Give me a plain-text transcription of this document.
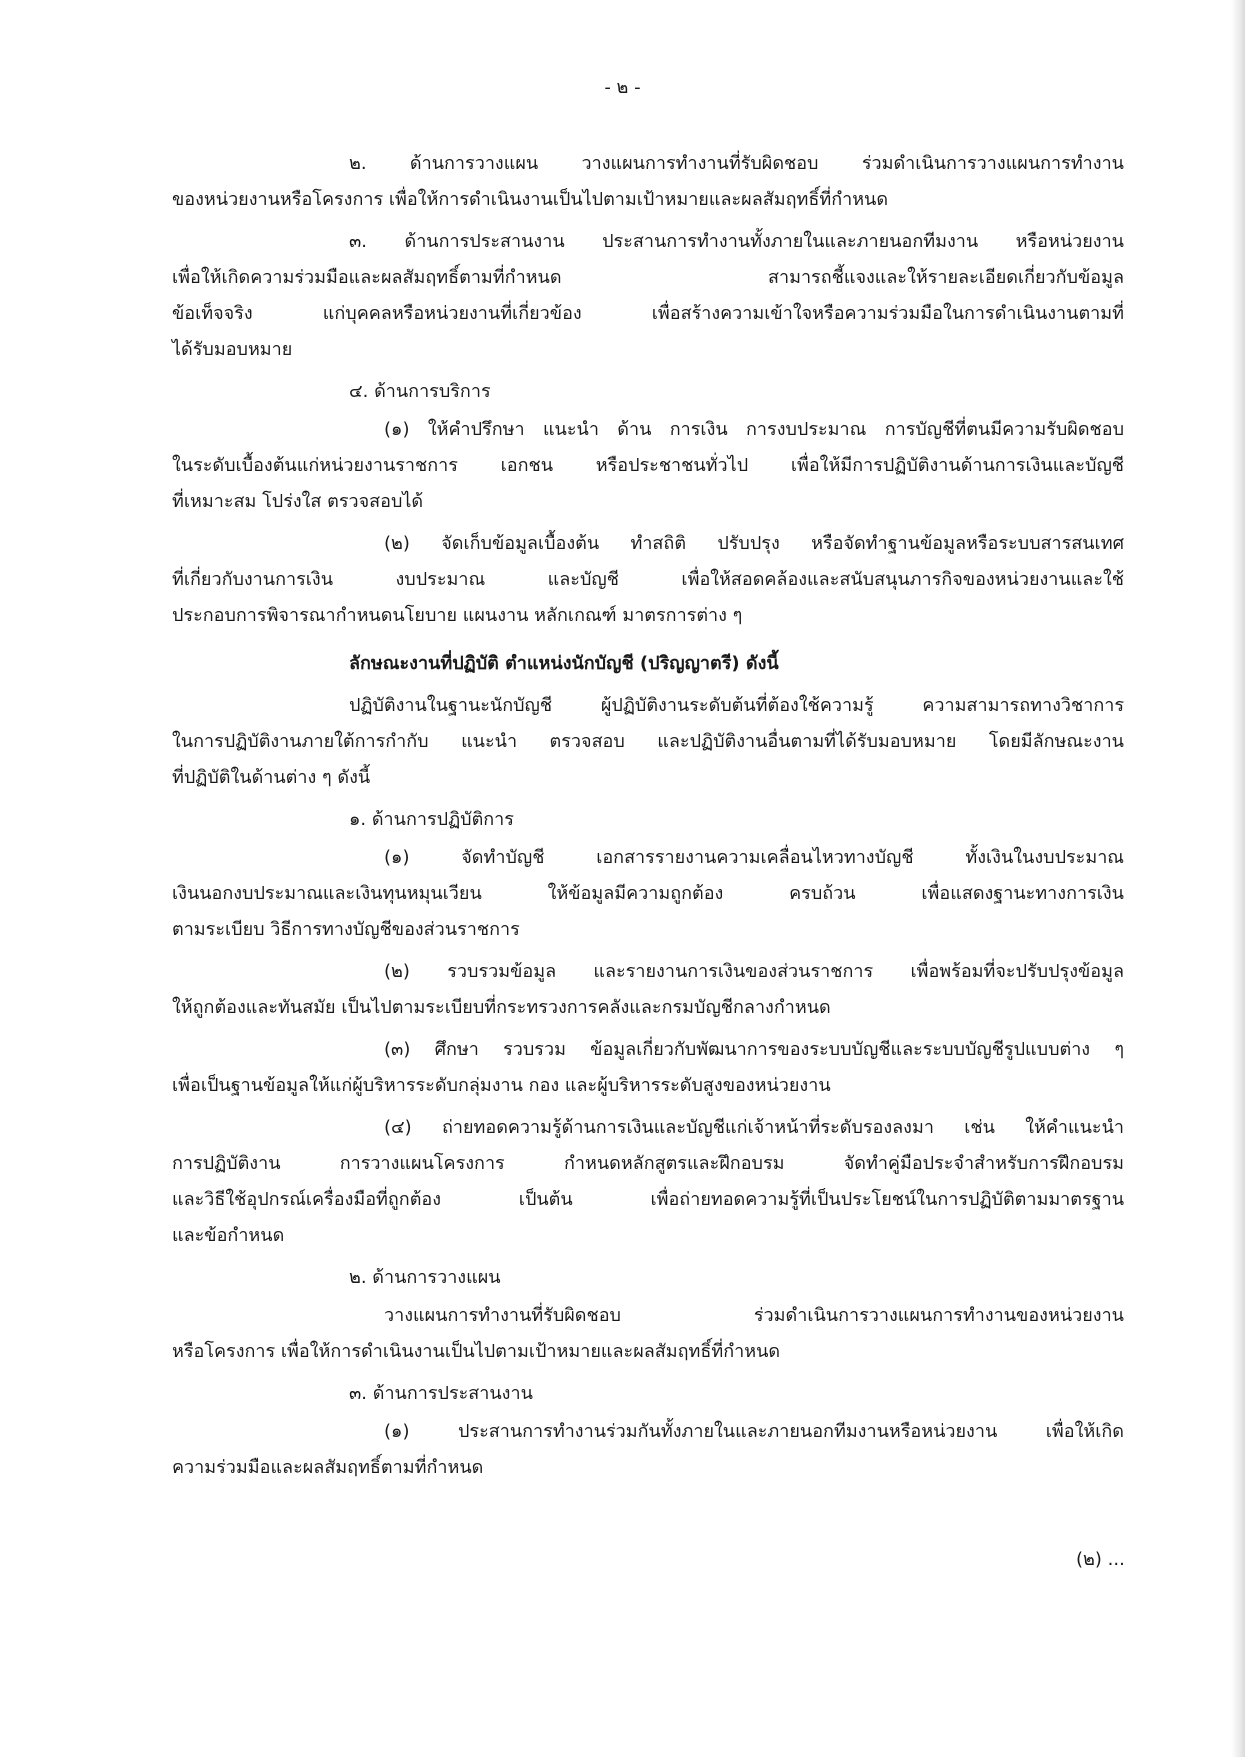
- ๒ -
๒. ด้านการวางแผน วางแผนการทำงานที่รับผิดชอบ ร่วมดำเนินการวางแผนการทำงาน
ของหน่วยงานหรือโครงการ เพื่อให้การดำเนินงานเป็นไปตามเป้าหมายและผลสัมฤทธิ์ที่กำหนด
๓. ด้านการประสานงาน ประสานการทำงานทั้งภายในและภายนอกทีมงาน หรือหน่วยงาน
เพื่อให้เกิดความร่วมมือและผลสัมฤทธิ์ตามที่กำหนด สามารถชี้แจงและให้รายละเอียดเกี่ยวกับข้อมูล
ข้อเท็จจริง แก่บุคคลหรือหน่วยงานที่เกี่ยวข้อง เพื่อสร้างความเข้าใจหรือความร่วมมือในการดำเนินงานตามที่
ได้รับมอบหมาย
๔. ด้านการบริการ
(๑) ให้คำปรึกษา แนะนำ ด้าน การเงิน การงบประมาณ การบัญชีที่ตนมีความรับผิดชอบ
ในระดับเบื้องต้นแก่หน่วยงานราชการ เอกชน หรือประชาชนทั่วไป เพื่อให้มีการปฏิบัติงานด้านการเงินและบัญชี
ที่เหมาะสม โปร่งใส ตรวจสอบได้
(๒) จัดเก็บข้อมูลเบื้องต้น ทำสถิติ ปรับปรุง หรือจัดทำฐานข้อมูลหรือระบบสารสนเทศ
ที่เกี่ยวกับงานการเงิน งบประมาณ และบัญชี เพื่อให้สอดคล้องและสนับสนุนภารกิจของหน่วยงานและใช้
ประกอบการพิจารณากำหนดนโยบาย แผนงาน หลักเกณฑ์ มาตรการต่าง ๆ
ลักษณะงานที่ปฏิบัติ ตำแหน่งนักบัญชี (ปริญญาตรี) ดังนี้
ปฏิบัติงานในฐานะนักบัญชี ผู้ปฏิบัติงานระดับต้นที่ต้องใช้ความรู้ ความสามารถทางวิชาการ
ในการปฏิบัติงานภายใต้การกำกับ แนะนำ ตรวจสอบ และปฏิบัติงานอื่นตามที่ได้รับมอบหมาย โดยมีลักษณะงาน
ที่ปฏิบัติในด้านต่าง ๆ ดังนี้
๑. ด้านการปฏิบัติการ
(๑) จัดทำบัญชี เอกสารรายงานความเคลื่อนไหวทางบัญชี ทั้งเงินในงบประมาณ
เงินนอกงบประมาณและเงินทุนหมุนเวียน ให้ข้อมูลมีความถูกต้อง ครบถ้วน เพื่อแสดงฐานะทางการเงิน
ตามระเบียบ วิธีการทางบัญชีของส่วนราชการ
(๒) รวบรวมข้อมูล และรายงานการเงินของส่วนราชการ เพื่อพร้อมที่จะปรับปรุงข้อมูล
ให้ถูกต้องและทันสมัย เป็นไปตามระเบียบที่กระทรวงการคลังและกรมบัญชีกลางกำหนด
(๓) ศึกษา รวบรวม ข้อมูลเกี่ยวกับพัฒนาการของระบบบัญชีและระบบบัญชีรูปแบบต่าง ๆ
เพื่อเป็นฐานข้อมูลให้แก่ผู้บริหารระดับกลุ่มงาน กอง และผู้บริหารระดับสูงของหน่วยงาน
(๔) ถ่ายทอดความรู้ด้านการเงินและบัญชีแก่เจ้าหน้าที่ระดับรองลงมา เช่น ให้คำแนะนำ
การปฏิบัติงาน การวางแผนโครงการ กำหนดหลักสูตรและฝึกอบรม จัดทำคู่มือประจำสำหรับการฝึกอบรม
และวิธีใช้อุปกรณ์เครื่องมือที่ถูกต้อง เป็นต้น เพื่อถ่ายทอดความรู้ที่เป็นประโยชน์ในการปฏิบัติตามมาตรฐาน
และข้อกำหนด
๒. ด้านการวางแผน
วางแผนการทำงานที่รับผิดชอบ ร่วมดำเนินการวางแผนการทำงานของหน่วยงาน
หรือโครงการ เพื่อให้การดำเนินงานเป็นไปตามเป้าหมายและผลสัมฤทธิ์ที่กำหนด
๓. ด้านการประสานงาน
(๑) ประสานการทำงานร่วมกันทั้งภายในและภายนอกทีมงานหรือหน่วยงาน เพื่อให้เกิด
ความร่วมมือและผลสัมฤทธิ์ตามที่กำหนด
(๒) ...
